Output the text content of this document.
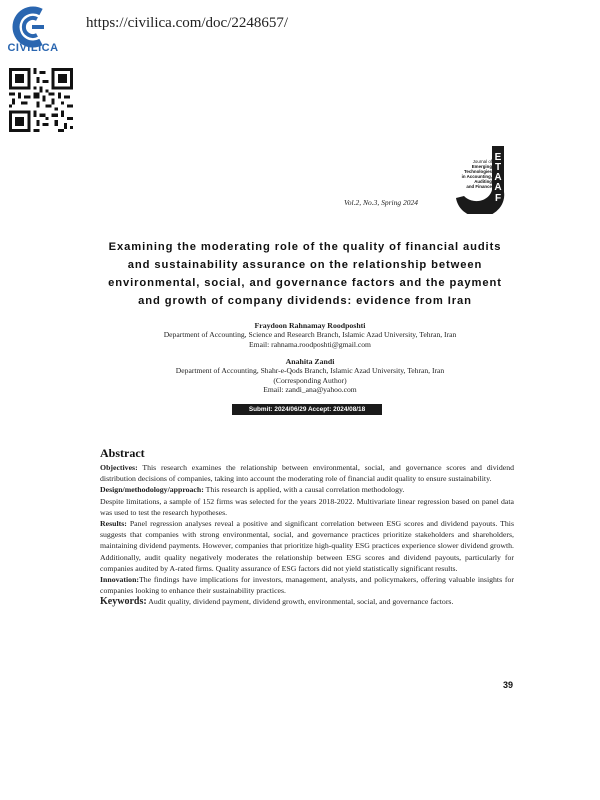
CIVILICA
https://civilica.com/doc/2248657/
E
T
A
A
F
Journal of
Emerging
Technologies
in Accounting,
Auditing
and Finance
Vol.2, No.3, Spring 2024
Examining the moderating role of the quality of financial audits
and sustainability assurance on the relationship between
environmental, social, and governance factors and the payment
and growth of company dividends: evidence from Iran
Fraydoon Rahnamay Roodposhti
Department of Accounting, Science and Research Branch, Islamic Azad University, Tehran, Iran
Email: rahnama.roodposhti@gmail.com
Anahita Zandi
Department of Accounting, Shahr-e-Qods Branch, Islamic Azad University, Tehran, Iran
(Corresponding Author)
Email: zandi_ana@yahoo.com
Submit: 2024/06/29 Accept: 2024/08/18
Abstract

Objectives: This research examines the relationship between environmental, social, and governance scores and dividend distribution decisions of companies, taking into account the moderating role of financial audit quality to ensure sustainability.

Design/methodology/approach: This research is applied, with a causal correlation methodology.

Despite limitations, a sample of 152 firms was selected for the years 2018-2022. Multivariate linear regression based on panel data was used to test the research hypotheses.

Results: Panel regression analyses reveal a positive and significant correlation between ESG scores and dividend payouts. This suggests that companies with strong environmental, social, and governance practices prioritize stakeholders and shareholders, maintaining dividend payments. However, companies that prioritize high-quality ESG practices experience slower dividend growth. Additionally, audit quality negatively moderates the relationship between ESG scores and dividend payouts, particularly for companies audited by A-rated firms. Quality assurance of ESG factors did not yield statistically significant results.

Innovation:The findings have implications for investors, management, analysts, and policymakers, offering valuable insights for companies looking to enhance their sustainability practices.

Keywords: Audit quality, dividend payment, dividend growth, environmental, social, and governance factors.

39
